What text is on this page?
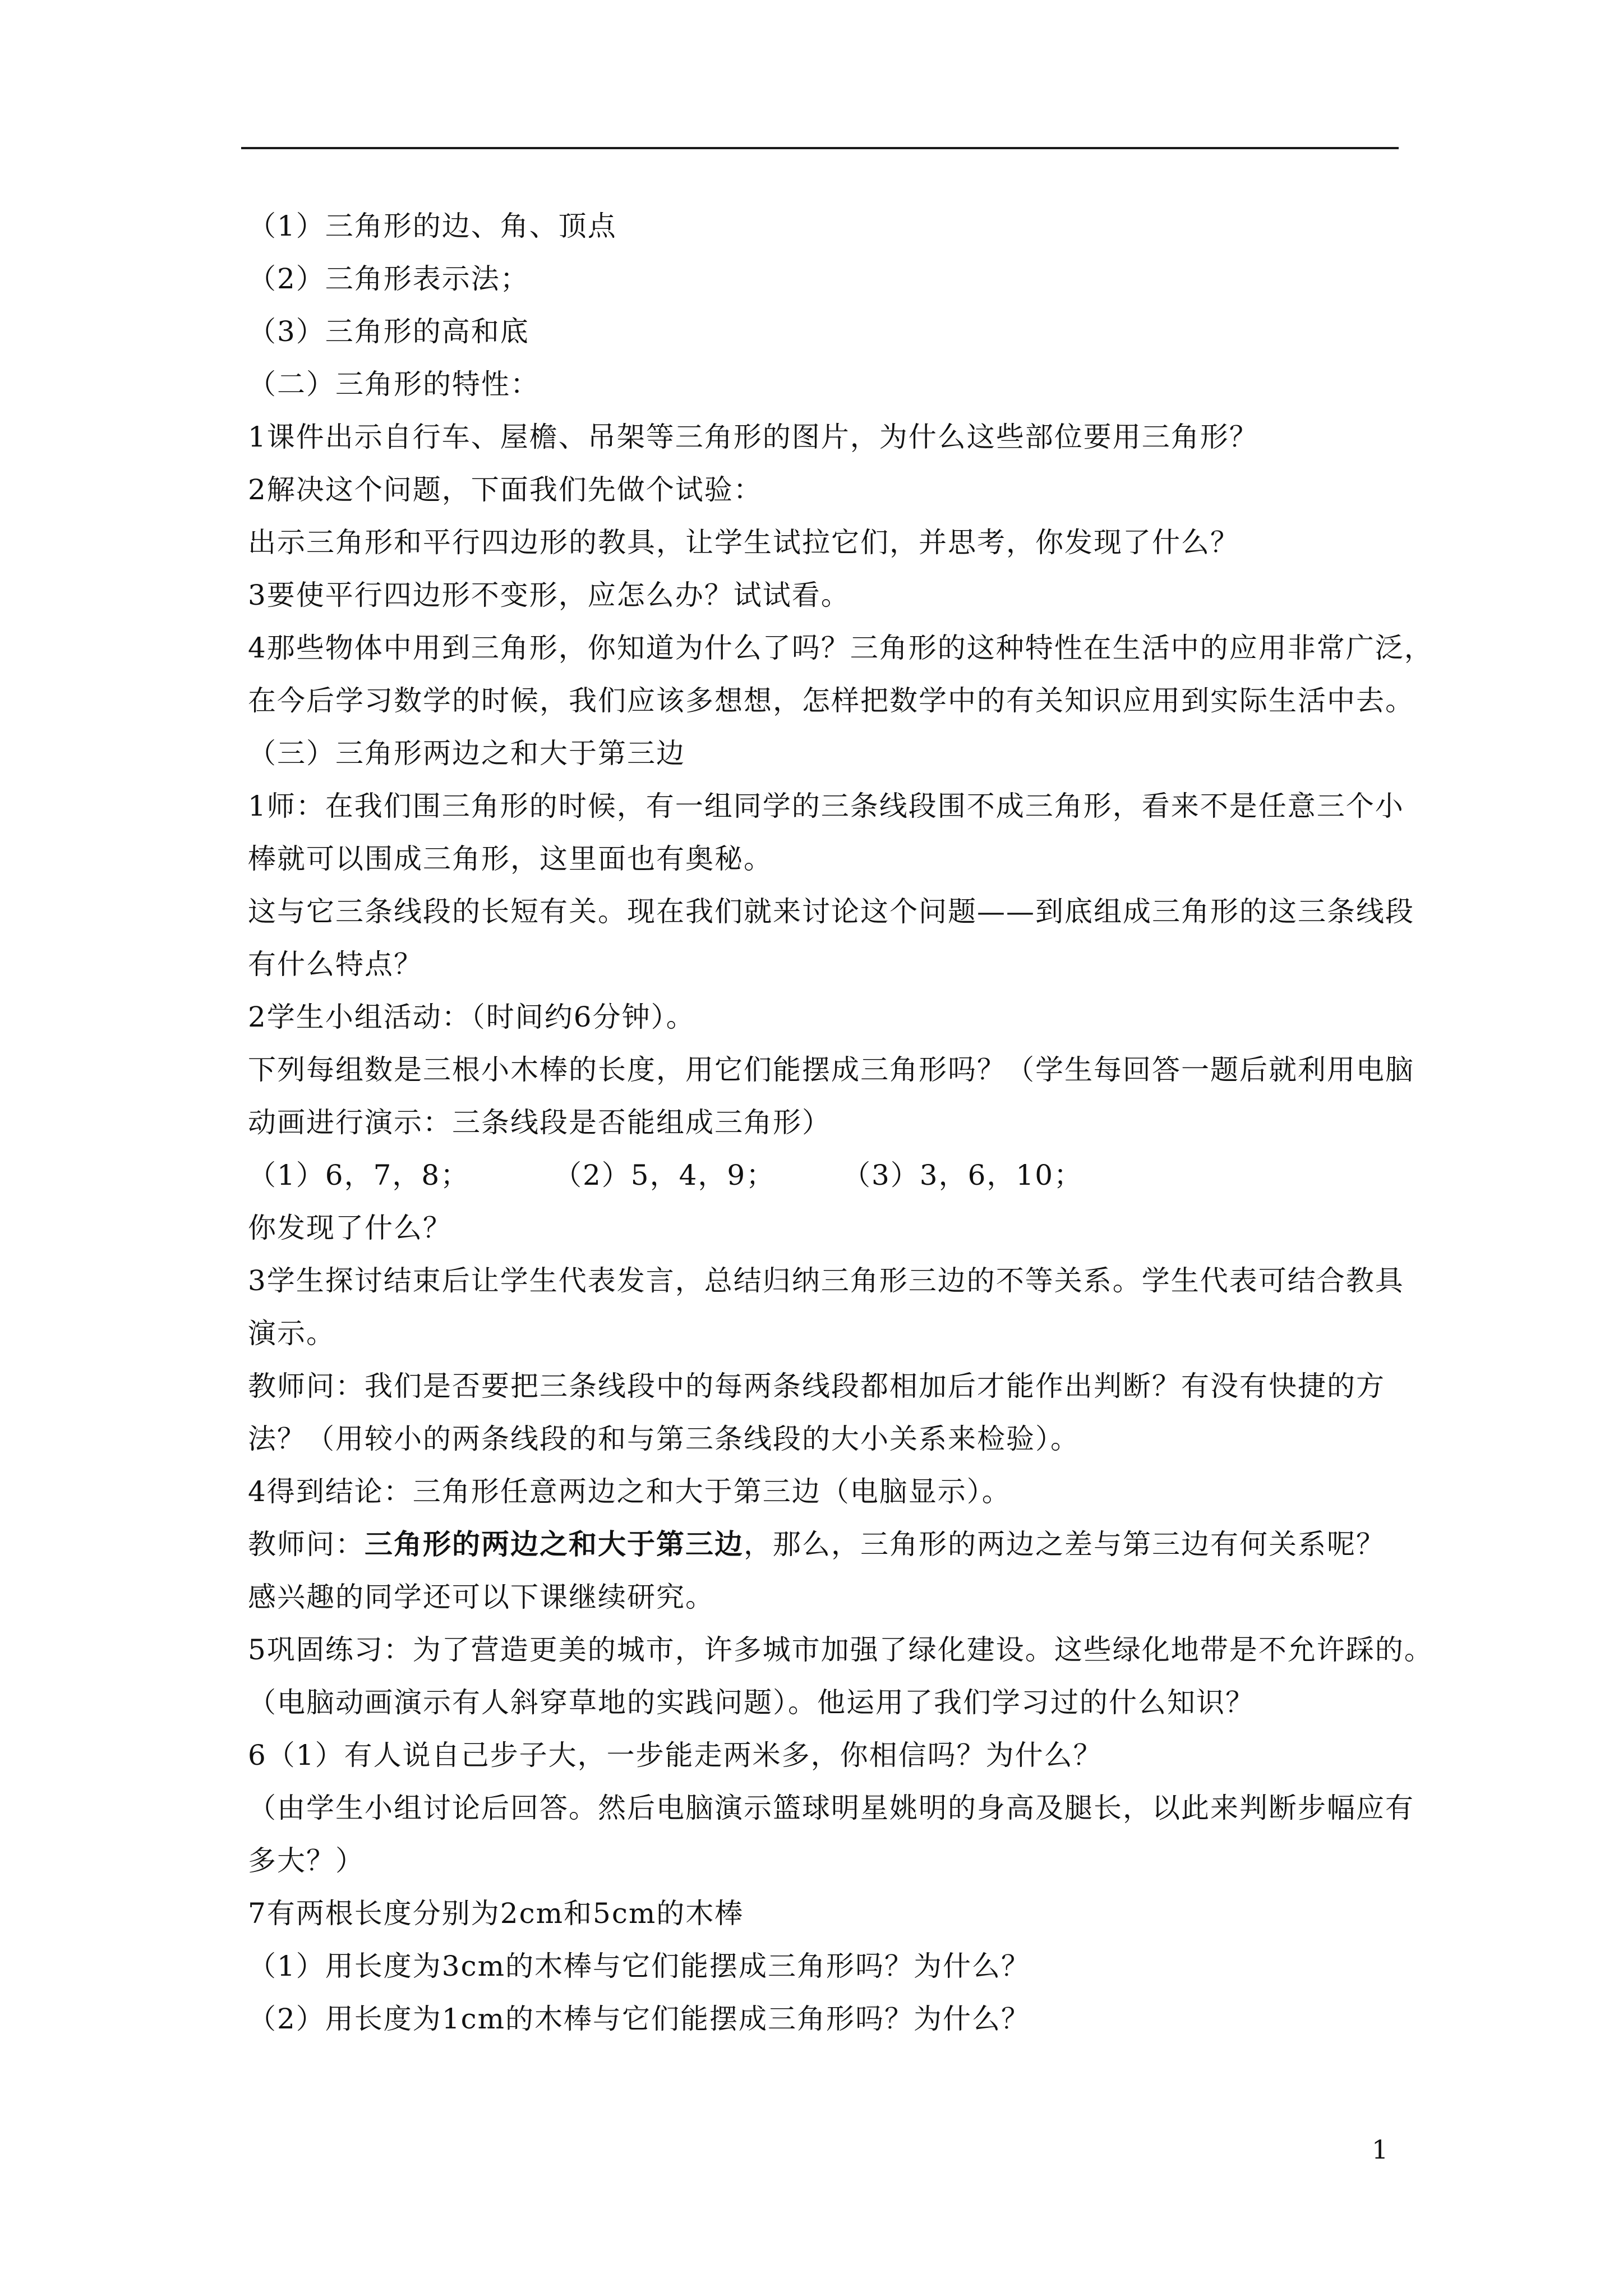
（1）三角形的边、角、顶点

（2）三角形表示法；

（3）三角形的高和底

（二）三角形的特性：

1课件出示自行车、屋檐、吊架等三角形的图片，为什么这些部位要用三角形？

2解决这个问题，下面我们先做个试验：

出示三角形和平行四边形的教具，让学生试拉它们，并思考，你发现了什么？

3要使平行四边形不变形，应怎么办？试试看。

4那些物体中用到三角形，你知道为什么了吗？三角形的这种特性在生活中的应用非常广泛，

在今后学习数学的时候，我们应该多想想，怎样把数学中的有关知识应用到实际生活中去。

（三）三角形两边之和大于第三边

1师：在我们围三角形的时候，有一组同学的三条线段围不成三角形，看来不是任意三个小

棒就可以围成三角形，这里面也有奥秘。

这与它三条线段的长短有关。现在我们就来讨论这个问题——到底组成三角形的这三条线段

有什么特点？

2学生小组活动：（时间约6分钟）。

下列每组数是三根小木棒的长度，用它们能摆成三角形吗？（学生每回答一题后就利用电脑

动画进行演示：三条线段是否能组成三角形）

（1）6，7，8；	（2）5，4，9；	（3）3，6，10；

你发现了什么？

3学生探讨结束后让学生代表发言，总结归纳三角形三边的不等关系。学生代表可结合教具

演示。

教师问：我们是否要把三条线段中的每两条线段都相加后才能作出判断？有没有快捷的方

法？（用较小的两条线段的和与第三条线段的大小关系来检验）。

4得到结论：三角形任意两边之和大于第三边（电脑显示）。

教师问：三角形的两边之和大于第三边，那么，三角形的两边之差与第三边有何关系呢？

感兴趣的同学还可以下课继续研究。

5巩固练习：为了营造更美的城市，许多城市加强了绿化建设。这些绿化地带是不允许踩的。

（电脑动画演示有人斜穿草地的实践问题）。他运用了我们学习过的什么知识？

6（1）有人说自己步子大，一步能走两米多，你相信吗？为什么？

（由学生小组讨论后回答。然后电脑演示篮球明星姚明的身高及腿长，以此来判断步幅应有

多大？）

7有两根长度分别为2cm和5cm的木棒

（1）用长度为3cm的木棒与它们能摆成三角形吗？为什么？

（2）用长度为1cm的木棒与它们能摆成三角形吗？为什么？

1
